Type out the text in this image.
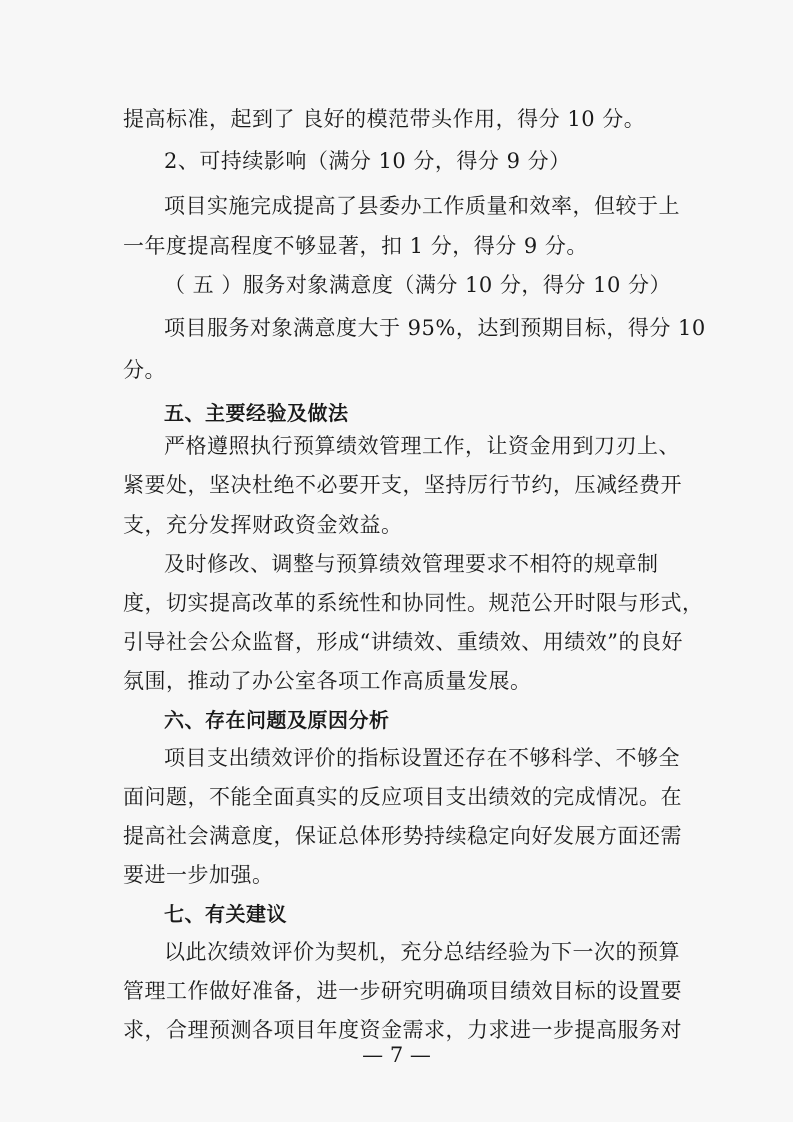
提高标准，起到了 良好的模范带头作用，得分 10 分。
2、可持续影响（满分 10 分，得分 9 分）
项目实施完成提高了县委办工作质量和效率，但较于上
一年度提高程度不够显著，扣 1 分，得分 9 分。
（ 五 ）服务对象满意度（满分 10 分，得分 10 分）
项目服务对象满意度大于 95%，达到预期目标，得分 10
分。
五、主要经验及做法
严格遵照执行预算绩效管理工作，让资金用到刀刃上、
紧要处，坚决杜绝不必要开支，坚持厉行节约，压减经费开
支，充分发挥财政资金效益。
及时修改、调整与预算绩效管理要求不相符的规章制
度，切实提高改革的系统性和协同性。规范公开时限与形式，
引导社会公众监督，形成“讲绩效、重绩效、用绩效”的良好
氛围，推动了办公室各项工作高质量发展。
六、存在问题及原因分析
项目支出绩效评价的指标设置还存在不够科学、不够全
面问题，不能全面真实的反应项目支出绩效的完成情况。在
提高社会满意度，保证总体形势持续稳定向好发展方面还需
要进一步加强。
七、有关建议
以此次绩效评价为契机，充分总结经验为下一次的预算
管理工作做好准备，进一步研究明确项目绩效目标的设置要
求，合理预测各项目年度资金需求，力求进一步提高服务对
— 7 —
